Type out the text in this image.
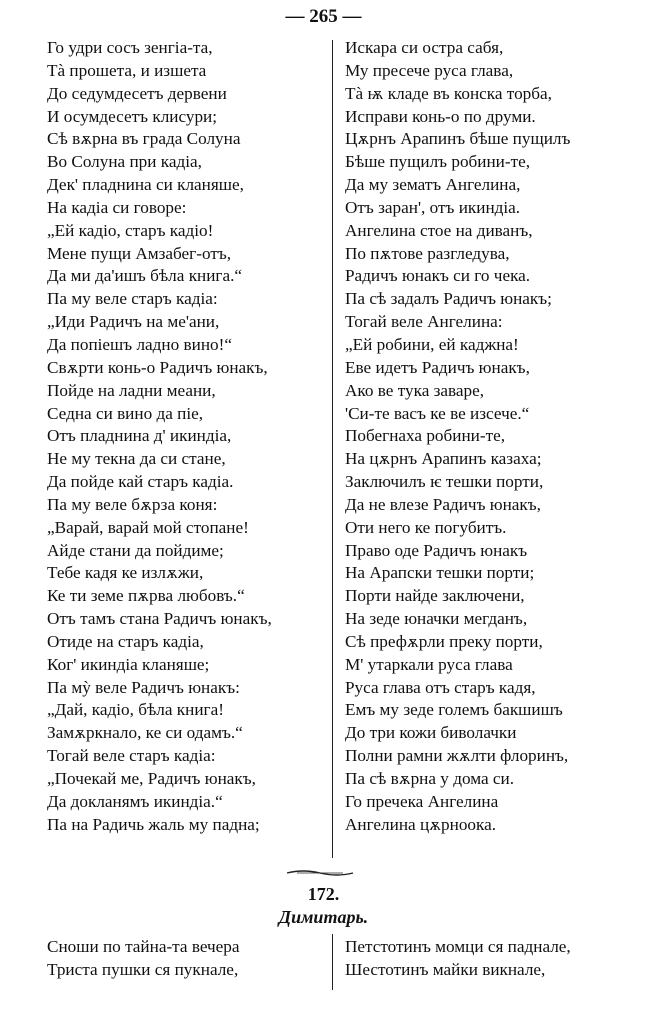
— 265 —
Го удри сосъ зенгіа-та,
Тà прошета, и изшета
До седумдесетъ дервени
И осумдесетъ клисури;
Сѣ вѫрна въ града Солуна
Во Солуна при кадіа,
Дек' пладнина си кланяше,
На кадіа си говоре:
„Ей кадіо, старъ кадіо!
Мене пущи Амзабег-отъ,
Да ми да'ишъ бѣла книга.“
Па му веле старъ кадіа:
„Иди Радичъ на ме'ани,
Да попіешъ ладно вино!“
Свѫрти конь-о Радичъ юнакъ,
Пойде на ладни меани,
Седна си вино да піе,
Отъ пладнина д' икиндіа,
Не му текна да си стане,
Да пойде кай старъ кадіа.
Па му веле бѫрза коня:
„Варай, варай мой стопане!
Айде стани да пойдиме;
Тебе кадя ке излѫжи,
Ке ти земе пѫрва любовъ.“
Отъ тамъ стана Радичъ юнакъ,
Отиде на старъ кадіа,
Ког' икиндіа кланяше;
Па мỳ веле Радичъ юнакъ:
„Дай, кадіо, бѣла книга!
Замѫркнало, ке си одамъ.“
Тогай веле старъ кадіа:
„Почекай ме, Радичъ юнакъ,
Да докланямъ икиндіа.“
Па на Радичь жаль му падна;
Искара си остра сабя,
Му пресече руса глава,
Тà ѭ кладе въ конска торба,
Исправи конь-о по друми.
Цѫрнъ Арапинъ бѣше пущилъ
Бѣше пущилъ робини-те,
Да му зематъ Ангелина,
Отъ заран', отъ икиндіа.
Ангелина стое на диванъ,
По пѫтове разгледува,
Радичъ юнакъ си го чека.
Па сѣ задалъ Радичъ юнакъ;
Тогай веле Ангелина:
„Ей робини, ей каджна!
Еве идетъ Радичъ юнакъ,
Ако ве тука заваре,
'Си-те васъ ке ве изсече.“
Побегнаха робини-те,
На цѫрнъ Арапинъ казаха;
Заключилъ ѥ тешки порти,
Да не влезе Радичъ юнакъ,
Оти него ке погубитъ.
Право оде Радичъ юнакъ
На Арапски тешки порти;
Порти найде заключени,
На зеде юначки мегданъ,
Сѣ префѫрли преку порти,
М' утаркали руса глава
Руса глава отъ старъ кадя,
Емъ му зеде големъ бакшишъ
До три кожи биволачки
Полни рамни жѫлти флоринъ,
Па сѣ вѫрна у дома си.
Го пречека Ангелина
Ангелина цѫрноока.
172.
Димитарь.
Сноши по тайна-та вечера
Триста пушки ся пукнале,
Петстотинъ момци ся паднале,
Шестотинъ майки викнале,
